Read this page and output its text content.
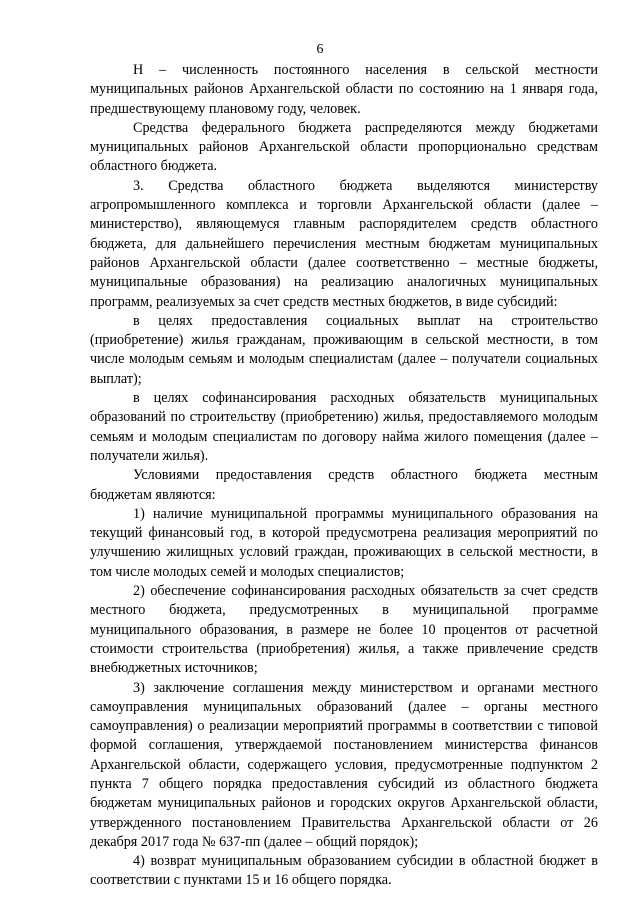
6

H – численность постоянного населения в сельской местности муниципальных районов Архангельской области по состоянию на 1 января года, предшествующему плановому году, человек.

Средства федерального бюджета распределяются между бюджетами муниципальных районов Архангельской области пропорционально средствам областного бюджета.

3. Средства областного бюджета выделяются министерству агропромышленного комплекса и торговли Архангельской области (далее – министерство), являющемуся главным распорядителем средств областного бюджета, для дальнейшего перечисления местным бюджетам муниципальных районов Архангельской области (далее соответственно – местные бюджеты, муниципальные образования) на реализацию аналогичных муниципальных программ, реализуемых за счет средств местных бюджетов, в виде субсидий:

в целях предоставления социальных выплат на строительство (приобретение) жилья гражданам, проживающим в сельской местности, в том числе молодым семьям и молодым специалистам (далее – получатели социальных выплат);

в целях софинансирования расходных обязательств муниципальных образований по строительству (приобретению) жилья, предоставляемого молодым семьям и молодым специалистам по договору найма жилого помещения (далее – получатели жилья).

Условиями предоставления средств областного бюджета местным бюджетам являются:

1) наличие муниципальной программы муниципального образования на текущий финансовый год, в которой предусмотрена реализация мероприятий по улучшению жилищных условий граждан, проживающих в сельской местности, в том числе молодых семей и молодых специалистов;

2) обеспечение софинансирования расходных обязательств за счет средств местного бюджета, предусмотренных в муниципальной программе муниципального образования, в размере не более 10 процентов от расчетной стоимости строительства (приобретения) жилья, а также привлечение средств внебюджетных источников;

3) заключение соглашения между министерством и органами местного самоуправления муниципальных образований (далее – органы местного самоуправления) о реализации мероприятий программы в соответствии с типовой формой соглашения, утверждаемой постановлением министерства финансов Архангельской области, содержащего условия, предусмотренные подпунктом 2 пункта 7 общего порядка предоставления субсидий из областного бюджета бюджетам муниципальных районов и городских округов Архангельской области, утвержденного постановлением Правительства Архангельской области от 26 декабря 2017 года № 637-пп (далее – общий порядок);

4) возврат муниципальным образованием субсидии в областной бюджет в соответствии с пунктами 15 и 16 общего порядка.
